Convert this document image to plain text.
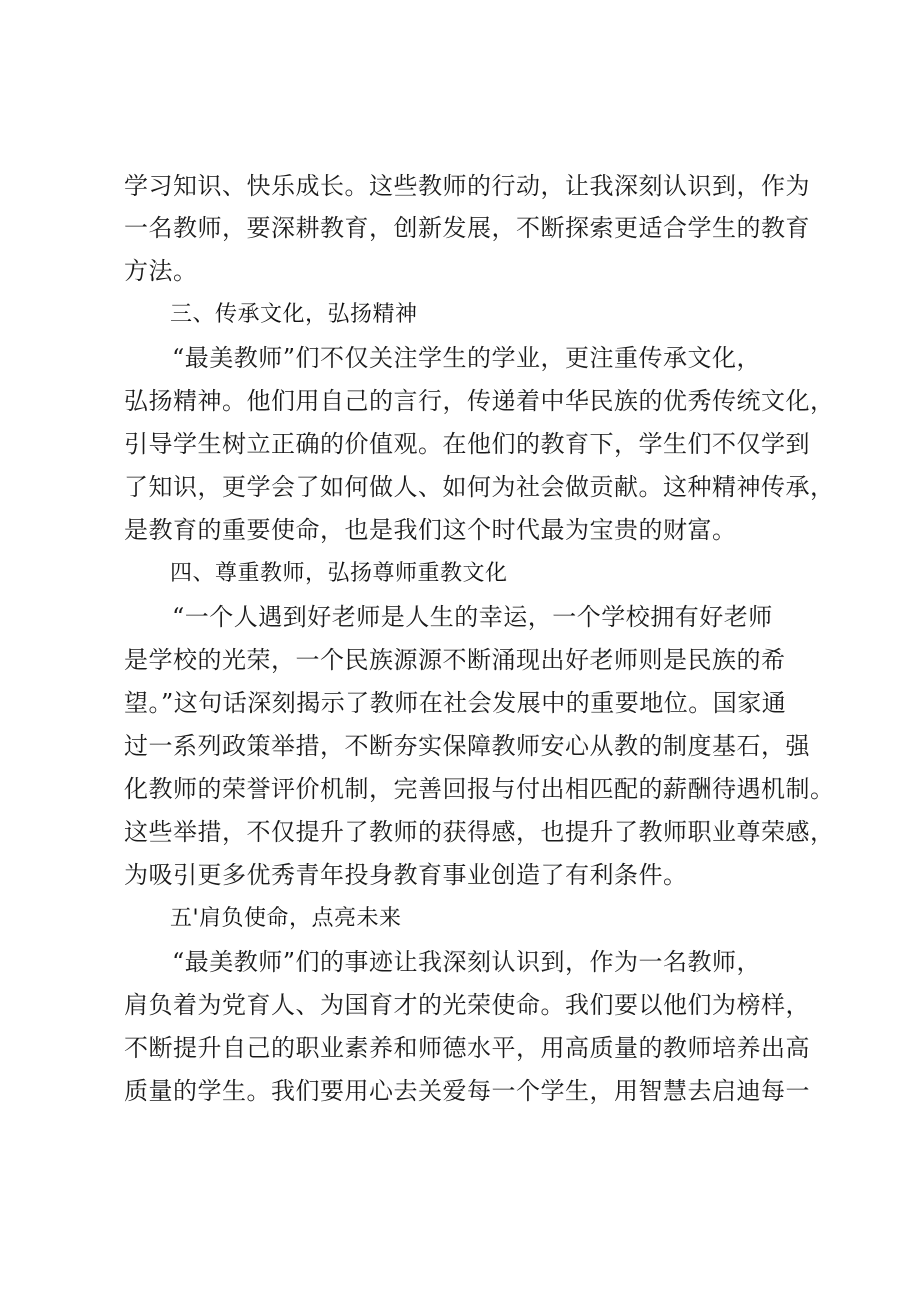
学习知识、快乐成长。这些教师的行动，让我深刻认识到，作为
一名教师，要深耕教育，创新发展，不断探索更适合学生的教育
方法。
三、传承文化，弘扬精神
“最美教师”们不仅关注学生的学业，更注重传承文化，
弘扬精神。他们用自己的言行，传递着中华民族的优秀传统文化，
引导学生树立正确的价值观。在他们的教育下，学生们不仅学到
了知识，更学会了如何做人、如何为社会做贡献。这种精神传承，
是教育的重要使命，也是我们这个时代最为宝贵的财富。
四、尊重教师，弘扬尊师重教文化
“一个人遇到好老师是人生的幸运，一个学校拥有好老师
是学校的光荣，一个民族源源不断涌现出好老师则是民族的希
望。”这句话深刻揭示了教师在社会发展中的重要地位。国家通
过一系列政策举措，不断夯实保障教师安心从教的制度基石，强
化教师的荣誉评价机制，完善回报与付出相匹配的薪酬待遇机制。
这些举措，不仅提升了教师的获得感，也提升了教师职业尊荣感，
为吸引更多优秀青年投身教育事业创造了有利条件。
五'肩负使命，点亮未来
“最美教师”们的事迹让我深刻认识到，作为一名教师，
肩负着为党育人、为国育才的光荣使命。我们要以他们为榜样，
不断提升自己的职业素养和师德水平，用高质量的教师培养出高
质量的学生。我们要用心去关爱每一个学生，用智慧去启迪每一
